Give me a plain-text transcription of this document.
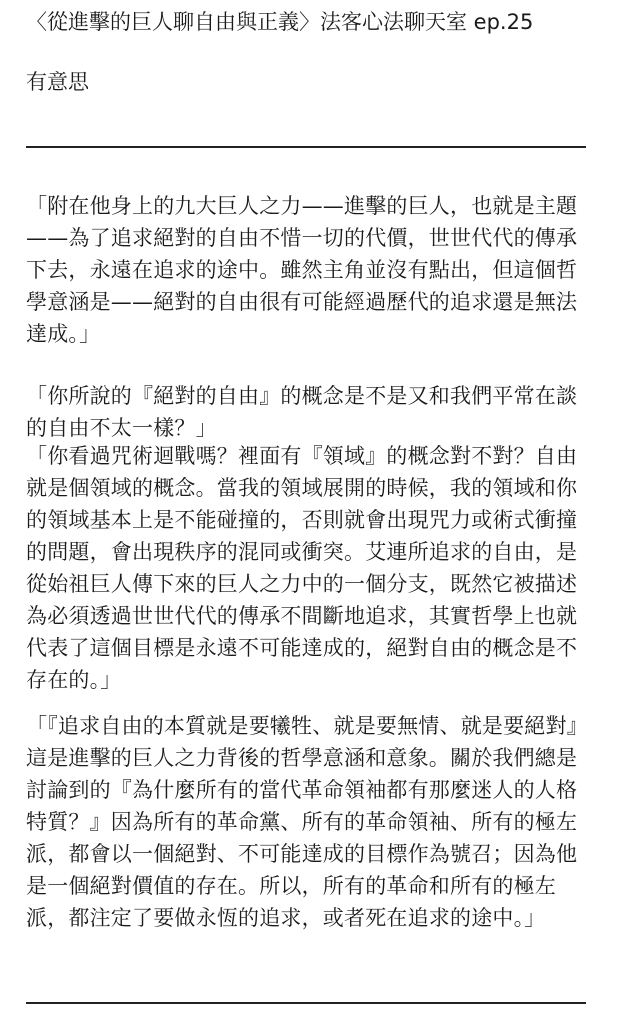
〈從進擊的巨人聊自由與正義〉法客心法聊天室 ep.25
有意思

「附在他身上的九大巨人之力——進擊的巨人，也就是主題——為了追求絕對的自由不惜一切的代價，世世代代的傳承下去，永遠在追求的途中。雖然主角並沒有點出，但這個哲學意涵是——絕對的自由很有可能經過歷代的追求還是無法達成。」

「你所說的『絕對的自由』的概念是不是又和我們平常在談的自由不太一樣？」

「你看過咒術迴戰嗎？裡面有『領域』的概念對不對？自由就是個領域的概念。當我的領域展開的時候，我的領域和你的領域基本上是不能碰撞的，否則就會出現咒力或術式衝撞的問題，會出現秩序的混同或衝突。艾連所追求的自由，是從始祖巨人傳下來的巨人之力中的一個分支，既然它被描述為必須透過世世代代的傳承不間斷地追求，其實哲學上也就代表了這個目標是永遠不可能達成的，絕對自由的概念是不存在的。」

「『追求自由的本質就是要犧牲、就是要無情、就是要絕對』這是進擊的巨人之力背後的哲學意涵和意象。關於我們總是討論到的『為什麼所有的當代革命領袖都有那麼迷人的人格特質？』因為所有的革命黨、所有的革命領袖、所有的極左派，都會以一個絕對、不可能達成的目標作為號召；因為他是一個絕對價值的存在。所以，所有的革命和所有的極左派，都注定了要做永恆的追求，或者死在追求的途中。」
